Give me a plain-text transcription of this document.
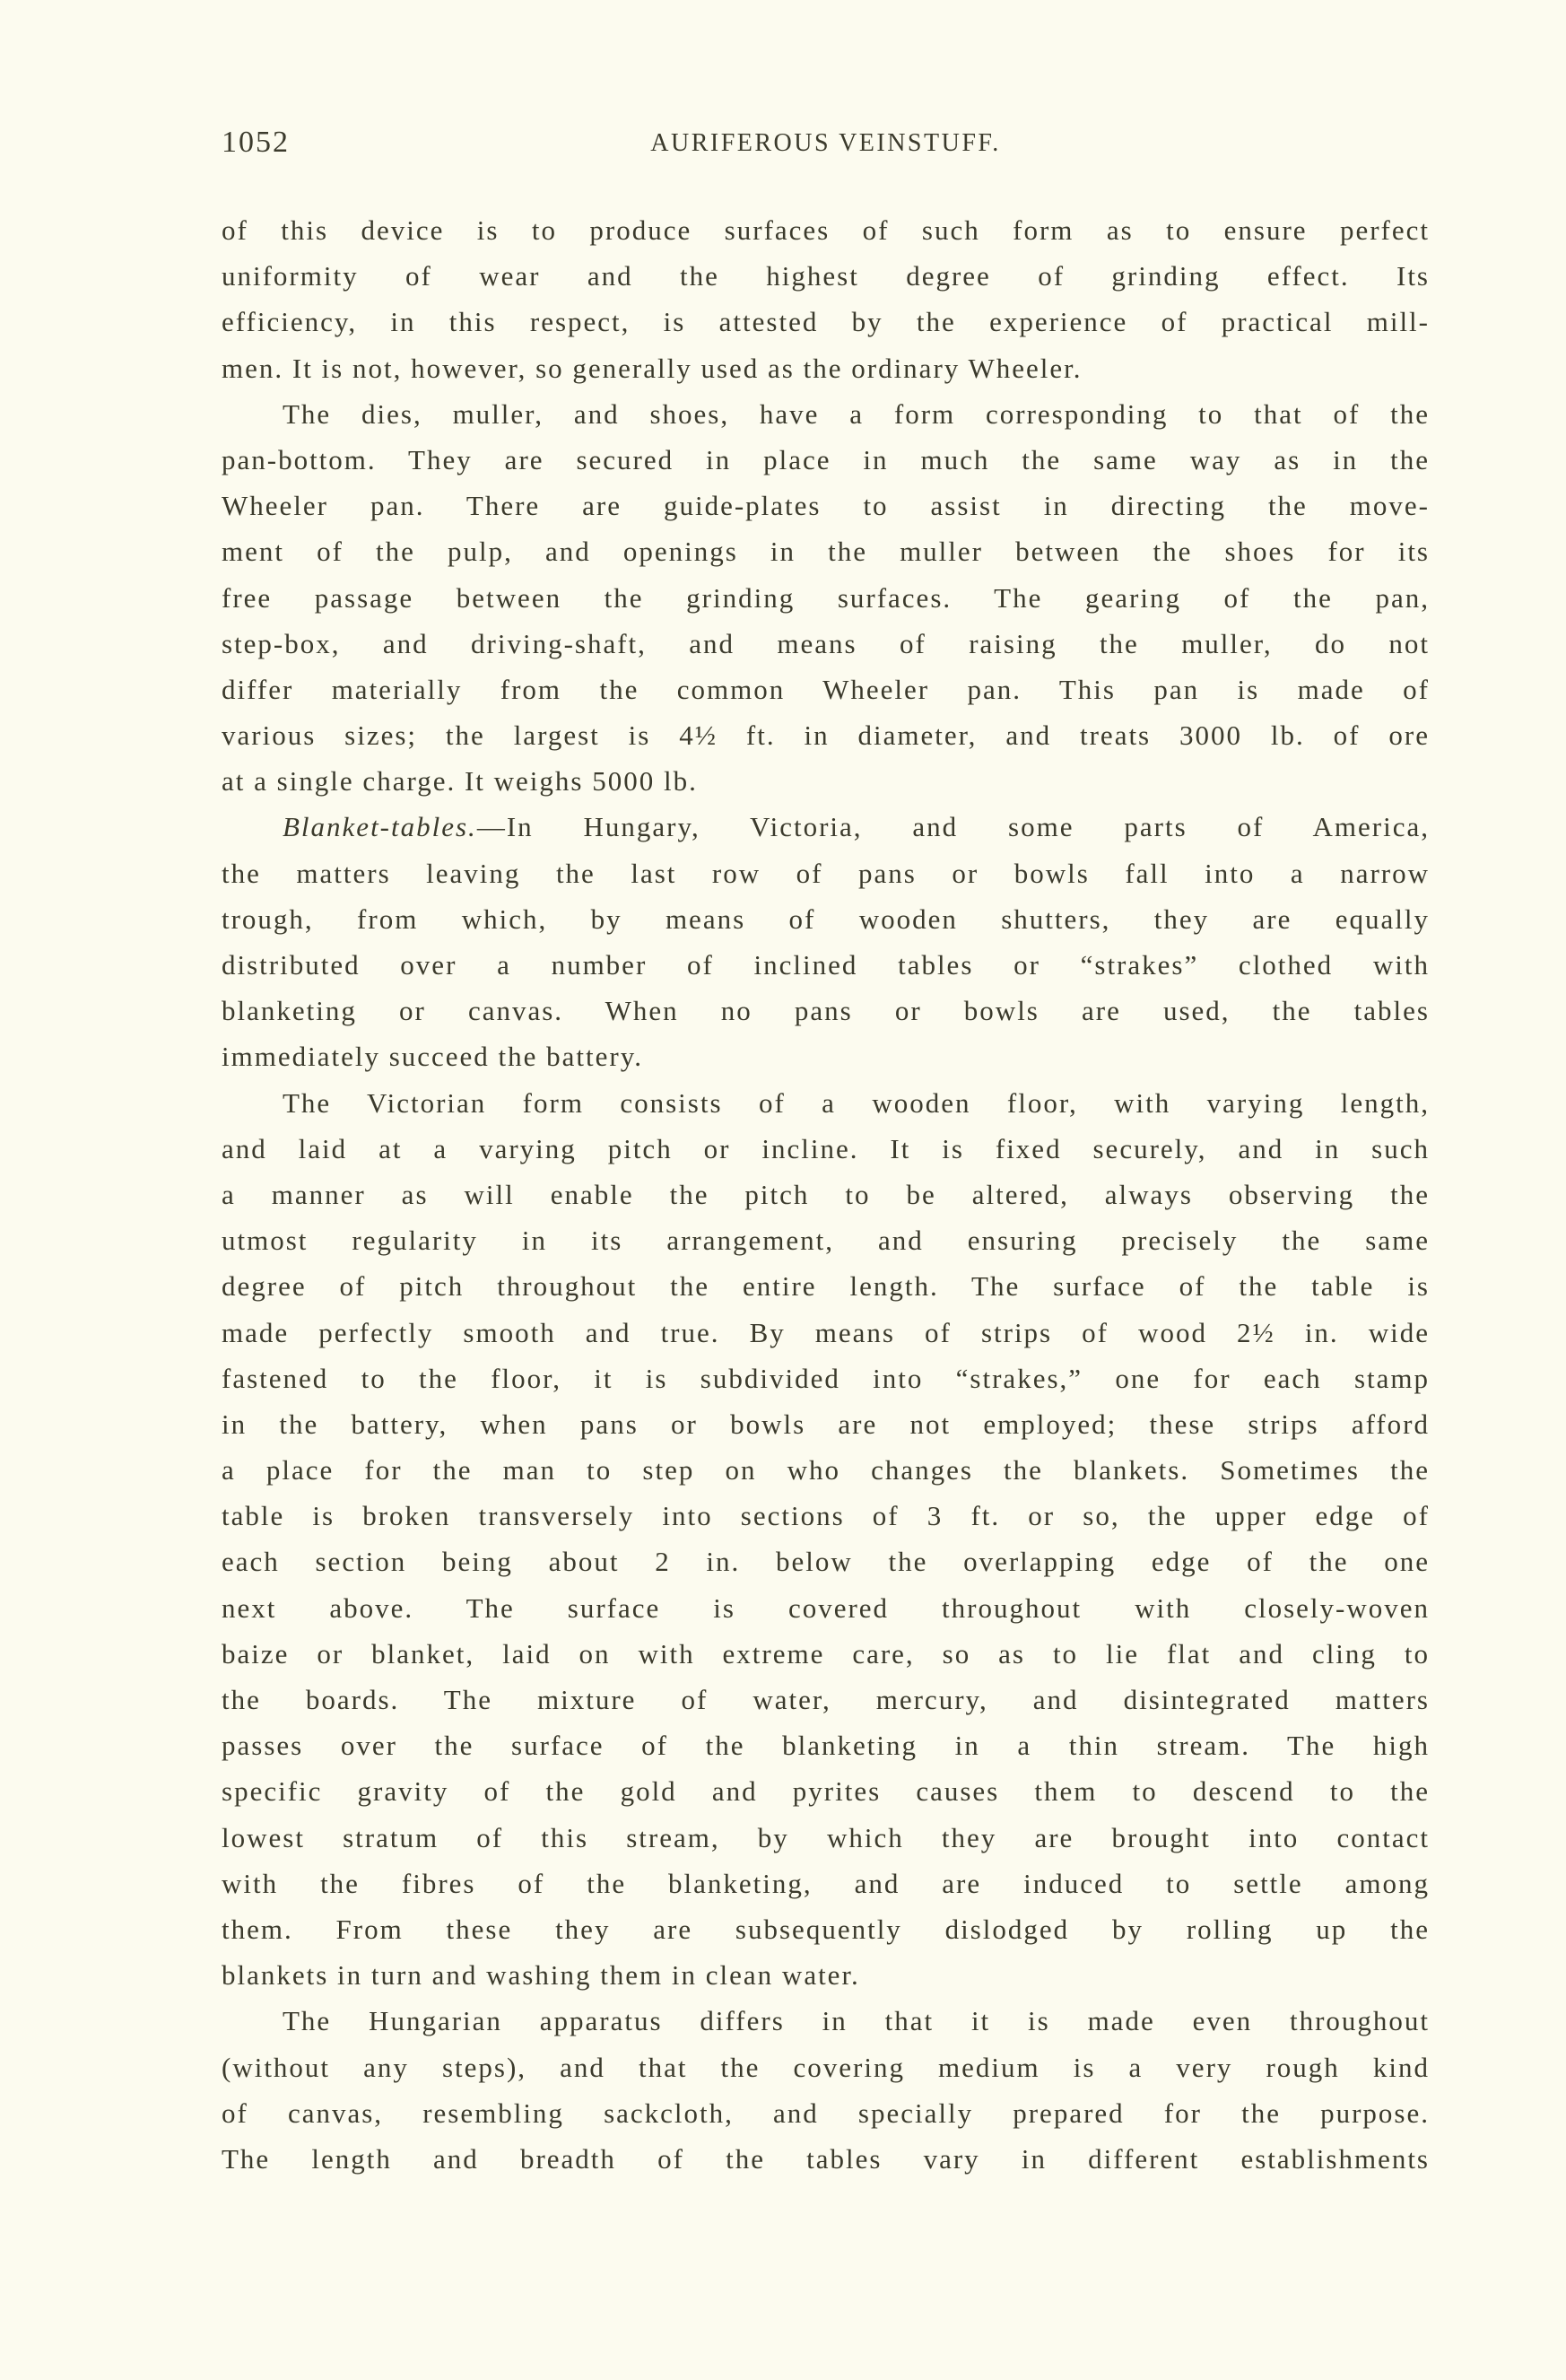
1052	AURIFEROUS VEINSTUFF.
of this device is to produce surfaces of such form as to ensure perfect
uniformity of wear and the highest degree of grinding effect. Its
efficiency, in this respect, is attested by the experience of practical mill-
men. It is not, however, so generally used as the ordinary Wheeler.
The dies, muller, and shoes, have a form corresponding to that of the
pan-bottom. They are secured in place in much the same way as in the
Wheeler pan. There are guide-plates to assist in directing the move-
ment of the pulp, and openings in the muller between the shoes for its
free passage between the grinding surfaces. The gearing of the pan,
step-box, and driving-shaft, and means of raising the muller, do not
differ materially from the common Wheeler pan. This pan is made of
various sizes; the largest is 4½ ft. in diameter, and treats 3000 lb. of ore
at a single charge. It weighs 5000 lb.
Blanket-tables.—In Hungary, Victoria, and some parts of America,
the matters leaving the last row of pans or bowls fall into a narrow
trough, from which, by means of wooden shutters, they are equally
distributed over a number of inclined tables or “strakes” clothed with
blanketing or canvas. When no pans or bowls are used, the tables
immediately succeed the battery.
The Victorian form consists of a wooden floor, with varying length,
and laid at a varying pitch or incline. It is fixed securely, and in such
a manner as will enable the pitch to be altered, always observing the
utmost regularity in its arrangement, and ensuring precisely the same
degree of pitch throughout the entire length. The surface of the table is
made perfectly smooth and true. By means of strips of wood 2½ in. wide
fastened to the floor, it is subdivided into “strakes,” one for each stamp
in the battery, when pans or bowls are not employed; these strips afford
a place for the man to step on who changes the blankets. Sometimes the
table is broken transversely into sections of 3 ft. or so, the upper edge of
each section being about 2 in. below the overlapping edge of the one
next above. The surface is covered throughout with closely-woven
baize or blanket, laid on with extreme care, so as to lie flat and cling to
the boards. The mixture of water, mercury, and disintegrated matters
passes over the surface of the blanketing in a thin stream. The high
specific gravity of the gold and pyrites causes them to descend to the
lowest stratum of this stream, by which they are brought into contact
with the fibres of the blanketing, and are induced to settle among
them. From these they are subsequently dislodged by rolling up the
blankets in turn and washing them in clean water.
The Hungarian apparatus differs in that it is made even throughout
(without any steps), and that the covering medium is a very rough kind
of canvas, resembling sackcloth, and specially prepared for the purpose.
The length and breadth of the tables vary in different establishments
